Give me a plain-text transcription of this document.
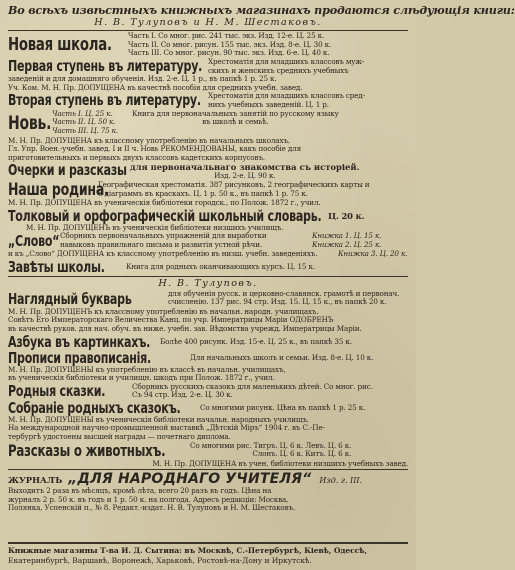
Во всѣхъ извѣстныхъ книжныхъ магазинахъ продаются слѣдующія книги:
Н. В. Тулуповъ и Н. М. Шестаковъ.
Новая школа. Часть I. Со мног. рис. 241 тыс. экз. Изд. 12-е. Ц. 25 к.
Часть II. Со мног. рисун. 155 тыс. экз. Изд. 8-е. Ц. 30 к.
Часть III. Со мног. рисун. 90 тыс. экз. Изд. 6-е. Ц. 40 к.
Первая ступень въ литературу. Хрестоматія для младшихъ классовъ муж-
скихъ и женскихъ среднихъ учебныхъ
заведеній и для домашняго обученія. Изд. 2-е. Ц. 1 р., въ папкѣ 1 р. 25 к.
Уч. Ком. М. Н. Пр. ДОПУЩЕНА въ качествѣ пособія для среднихъ учебн. завед.
Вторая ступень въ литературу. Хрестоматія для младшихъ классовъ сред-
нихъ учебныхъ заведеній. Ц. 1 р.
Новь. Часть I. Ц. 25 к.
Часть II. Ц. 50 к.
Часть III. Ц. 75 к.
Книга для первоначальныхъ занятій по русскому языку
въ школѣ и семьѣ.
М. Н. Пр. ДОПУЩЕНА къ классному употребленію въ начальныхъ школахъ.
Гл. Упр. Воен.-учебн. завед. I и II ч. Новь РЕКОМЕНДОВАНЫ, какъ пособіе для
приготовительныхъ и первыхъ двухъ классовъ кадетскихъ корпусовъ.
Очерки и разсказы для первоначальнаго знакомства съ исторіей.
Изд. 2-е. Ц. 90 к.
Наша родина.
Географическая хрестоматія. 387 рисунковъ, 2 географическихъ карты и
8 діаграммъ въ краскахъ. Ц. 1 р. 50 к., въ папкѣ 1 р. 75 к.
М. Н. Пр. ДОПУЩЕНА въ ученическія библіотеки городск., по Полож. 1872 г., учил.
Толковый и орфографическій школьный словарь. Ц. 20 к.
М. Н. Пр. ДОПУЩЕНЪ въ ученическія библіотеки низшихъ училищъ.
„Слово“ Сборникъ первоначальныхъ упражненій для выработки
навыковъ правильнаго письма и развитія устной рѣчи.
Книжка 1. Ц. 15 к.
Книжка 2. Ц. 25 к.
и къ „Слово“ ДОПУЩЕНА къ классному употребленію въ низш. учебн. заведеніяхъ.	Книжка 3. Ц. 20 к.
Завѣты школы.	Книга для родныхъ оканчивающихъ курсъ. Ц. 15 к.
Н. В. Тулуповъ.
Наглядный букварь	для обученія русск. и церковно-славянск. грамотѣ и первонач.
счисленію. 137 рис. 94 стр. Изд. 15. Ц. 15 к., въ папкѣ 20 к.
М. Н. Пр. ДОПУЩЕНЪ къ классному употребленію въ начальн. народн. училищахъ.
Совѣтъ Его Императорскаго Величества Канц. по учр. Императрицы Маріи ОДОБРЕНЪ
въ качествѣ руков. для нач. обуч. въ ниже. учебн. зав. Вѣдомства учрежд. Императрицы Маріи.
Азбука въ картинкахъ. Болѣе 400 рисунк. Изд. 15-е. Ц. 25 к., въ папкѣ 35 к.
Прописи правописанія.	Для начальныхъ школъ и семьи. Изд. 8-е. Ц. 10 к.
М. Н. Пр. ДОПУЩЕНЫ къ употребленію въ классѣ въ начальн. училищахъ,
въ ученическія библіотеки и училищн. шкодъ при Полож. 1872 г., учил.
Родныя сказки.	Сборникъ русскихъ сказокъ для маленькихъ дѣтей. Со мног. рис.
Съ 94 стр. Изд. 2-е. Ц. 30 к.
Собраніе родныхъ сказокъ.	Со многими рисунк. Цѣна въ папкѣ 1 р. 25 к.
М. Н. Пр. ДОПУЩЕНЫ въ ученическія библіотеки начальн. народныхъ училищъ.
На международной научно-промышленной выставкѣ „Дѣтскій Міръ“ 1904 г. въ С.-Пе-
тербургѣ удостоены высшей награды — почетнаго диплома.
Разсказы о животныхъ.	Со многими рис. Тигръ. Ц. 6 к. Левъ. Ц. 6 к.
Слонъ. Ц. 6 к. Китъ. Ц. 6 к.
М. Н. Пр. ДОПУЩЕНА въ учен. библіотеки низшихъ учебныхъ завед.
ЖУРНАЛЪ „ДЛЯ НАРОДНАГО УЧИТЕЛЯ“ Изд. г. III.
Выходитъ 2 раза въ мѣсяцъ, кромѣ лѣта, всего 20 разъ въ годъ. Цѣна на
журналъ 2 р. 50 к. въ годъ и 1 р. 50 к. на полгода. Адресъ редакціи: Москва,
Полянка, Успенскій п., № 8. Редакт.-издат. Н. В. Тулуповъ и Н. М. Шестаковъ.
Книжные магазины Т-ва И. Д. Сытина: въ Москвѣ, С.-Петербургѣ, Кіевѣ, Одессѣ,
Екатеринбургѣ, Варшавѣ, Воронежѣ, Харьковѣ, Ростовѣ-на-Дону и Иркутскѣ.
